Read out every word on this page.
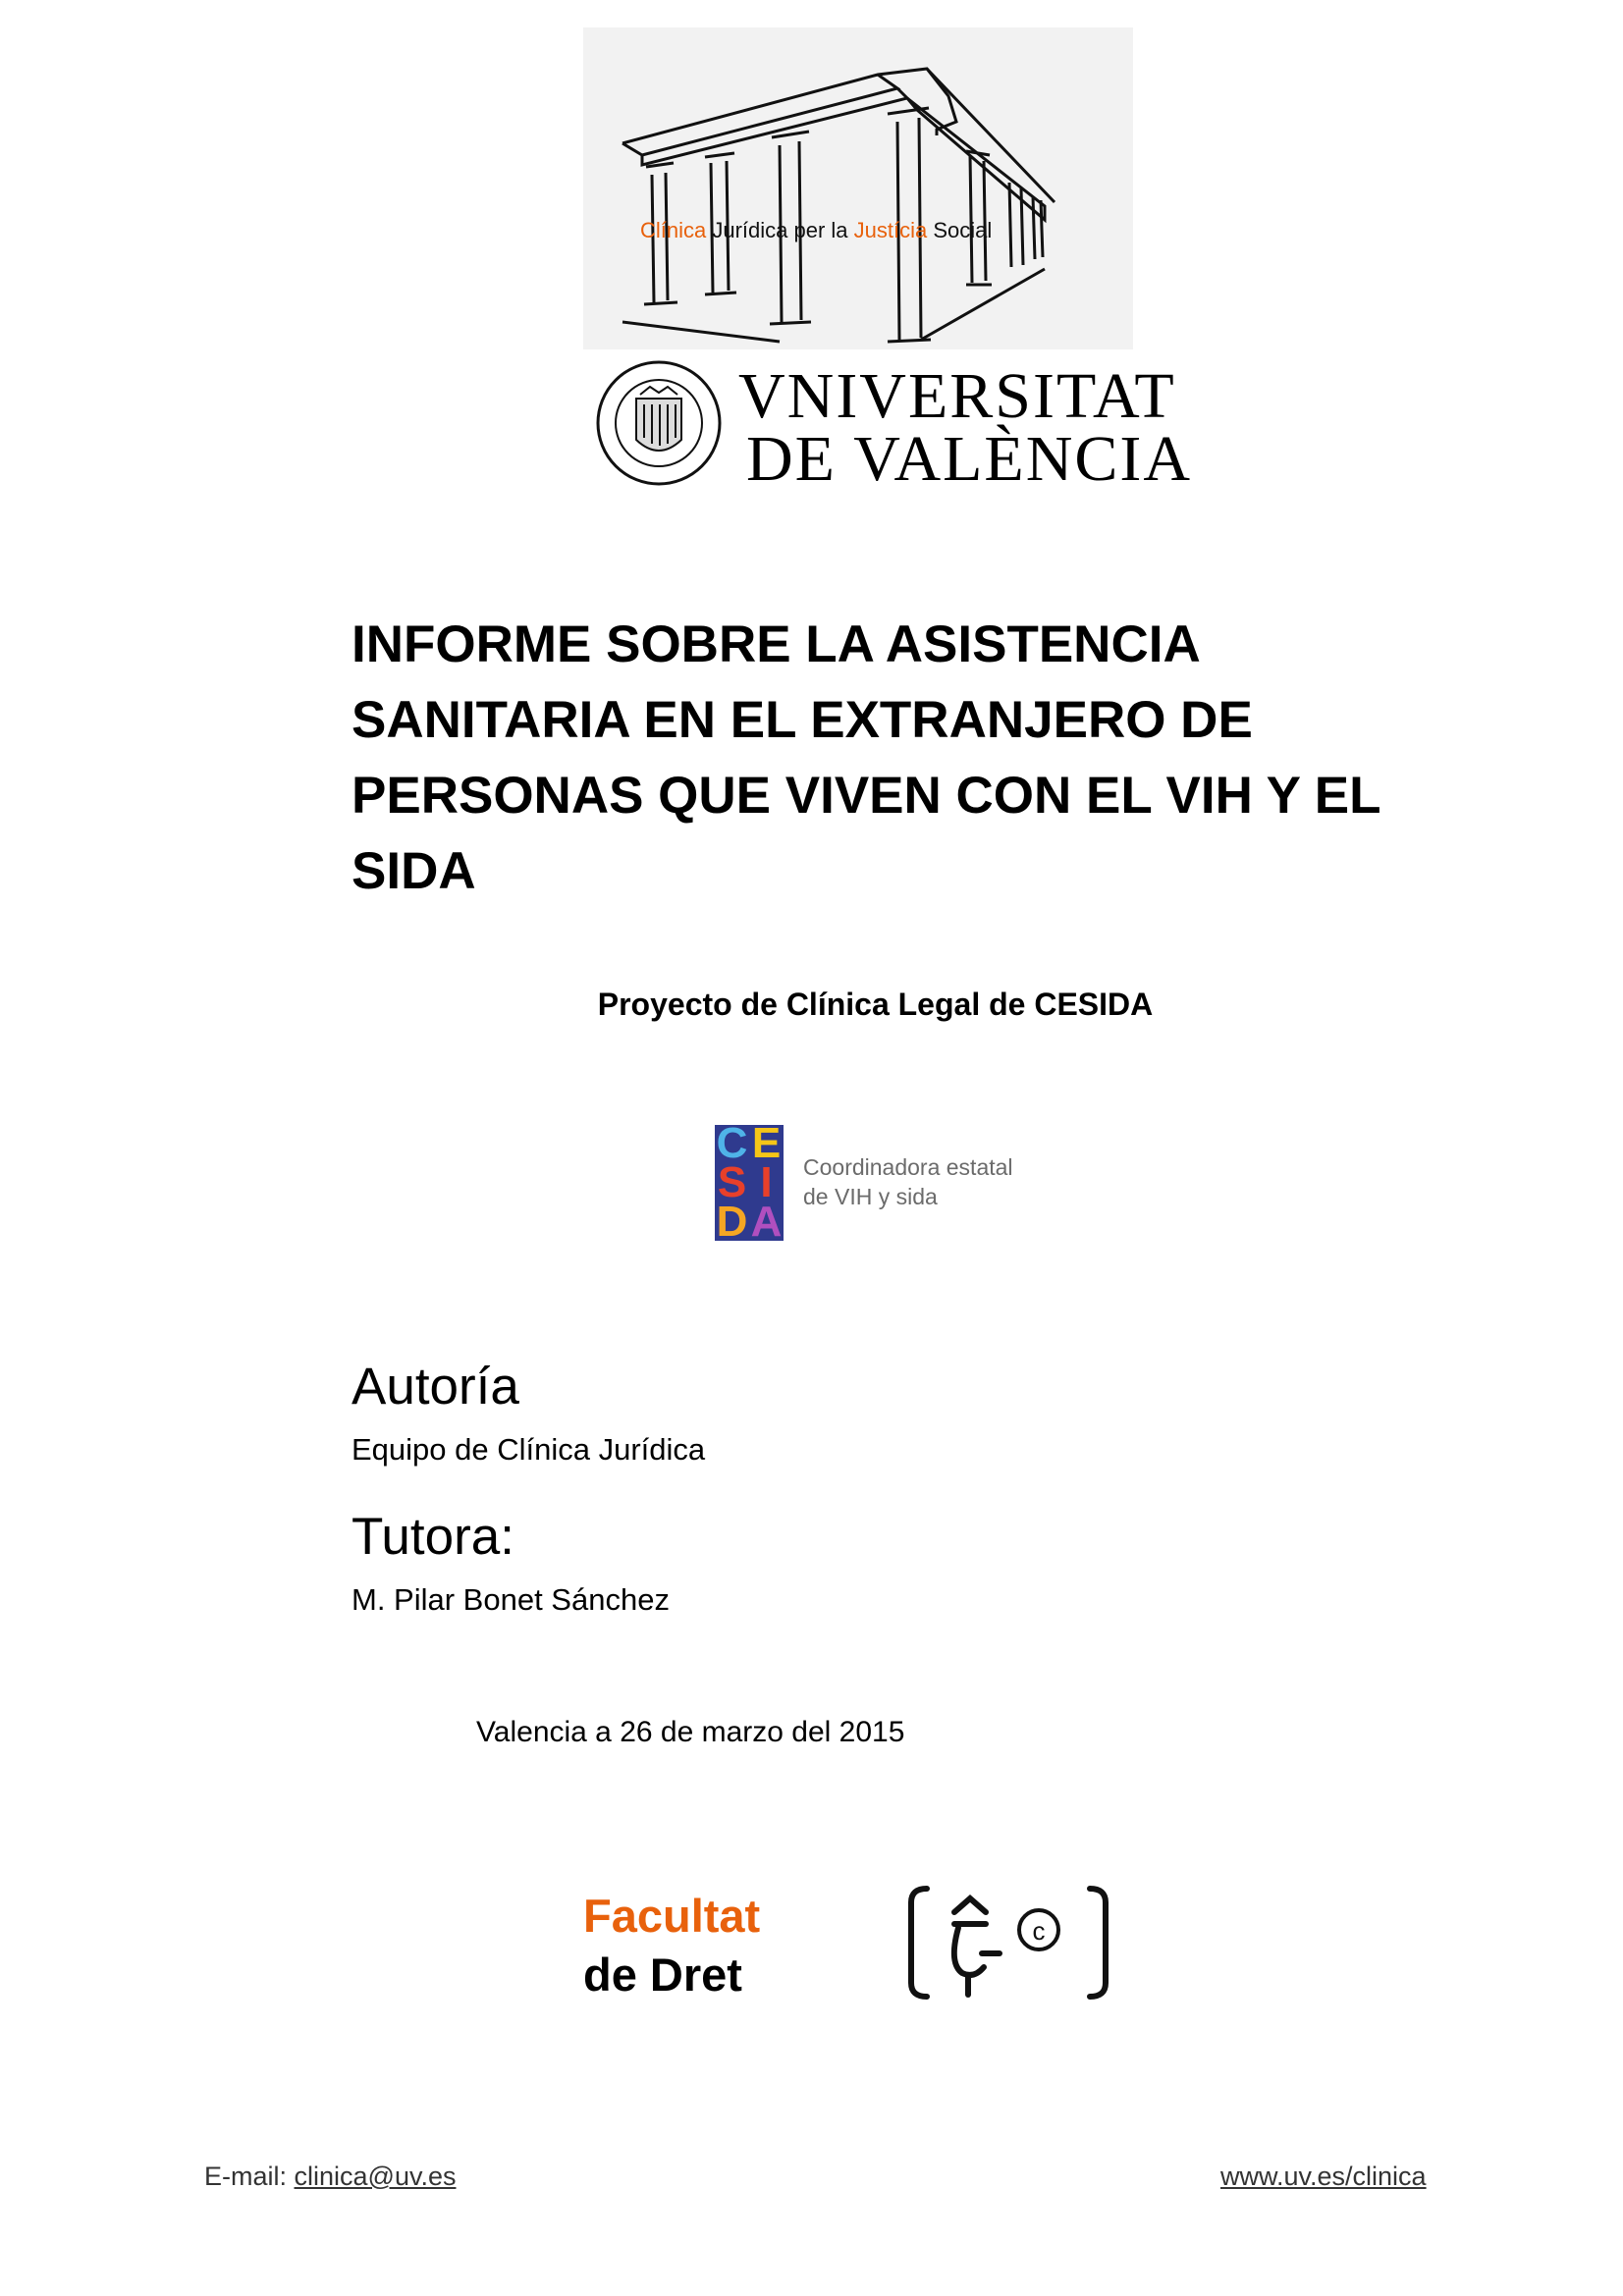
Clínica Jurídica per la Justícia Social
VNIVERSITAT
DE VALÈNCIA
INFORME SOBRE LA ASISTENCIA SANITARIA EN EL EXTRANJERO DE PERSONAS QUE VIVEN CON EL VIH Y EL SIDA
Proyecto de Clínica Legal de CESIDA
C E
S I
D A
Coordinadora estatal
de VIH y sida
Autoría
Equipo de Clínica Jurídica
Tutora:
M. Pilar Bonet Sánchez
Valencia a 26 de marzo del 2015
Facultat
de Dret
c
E-mail: clinica@uv.es	www.uv.es/clinica
